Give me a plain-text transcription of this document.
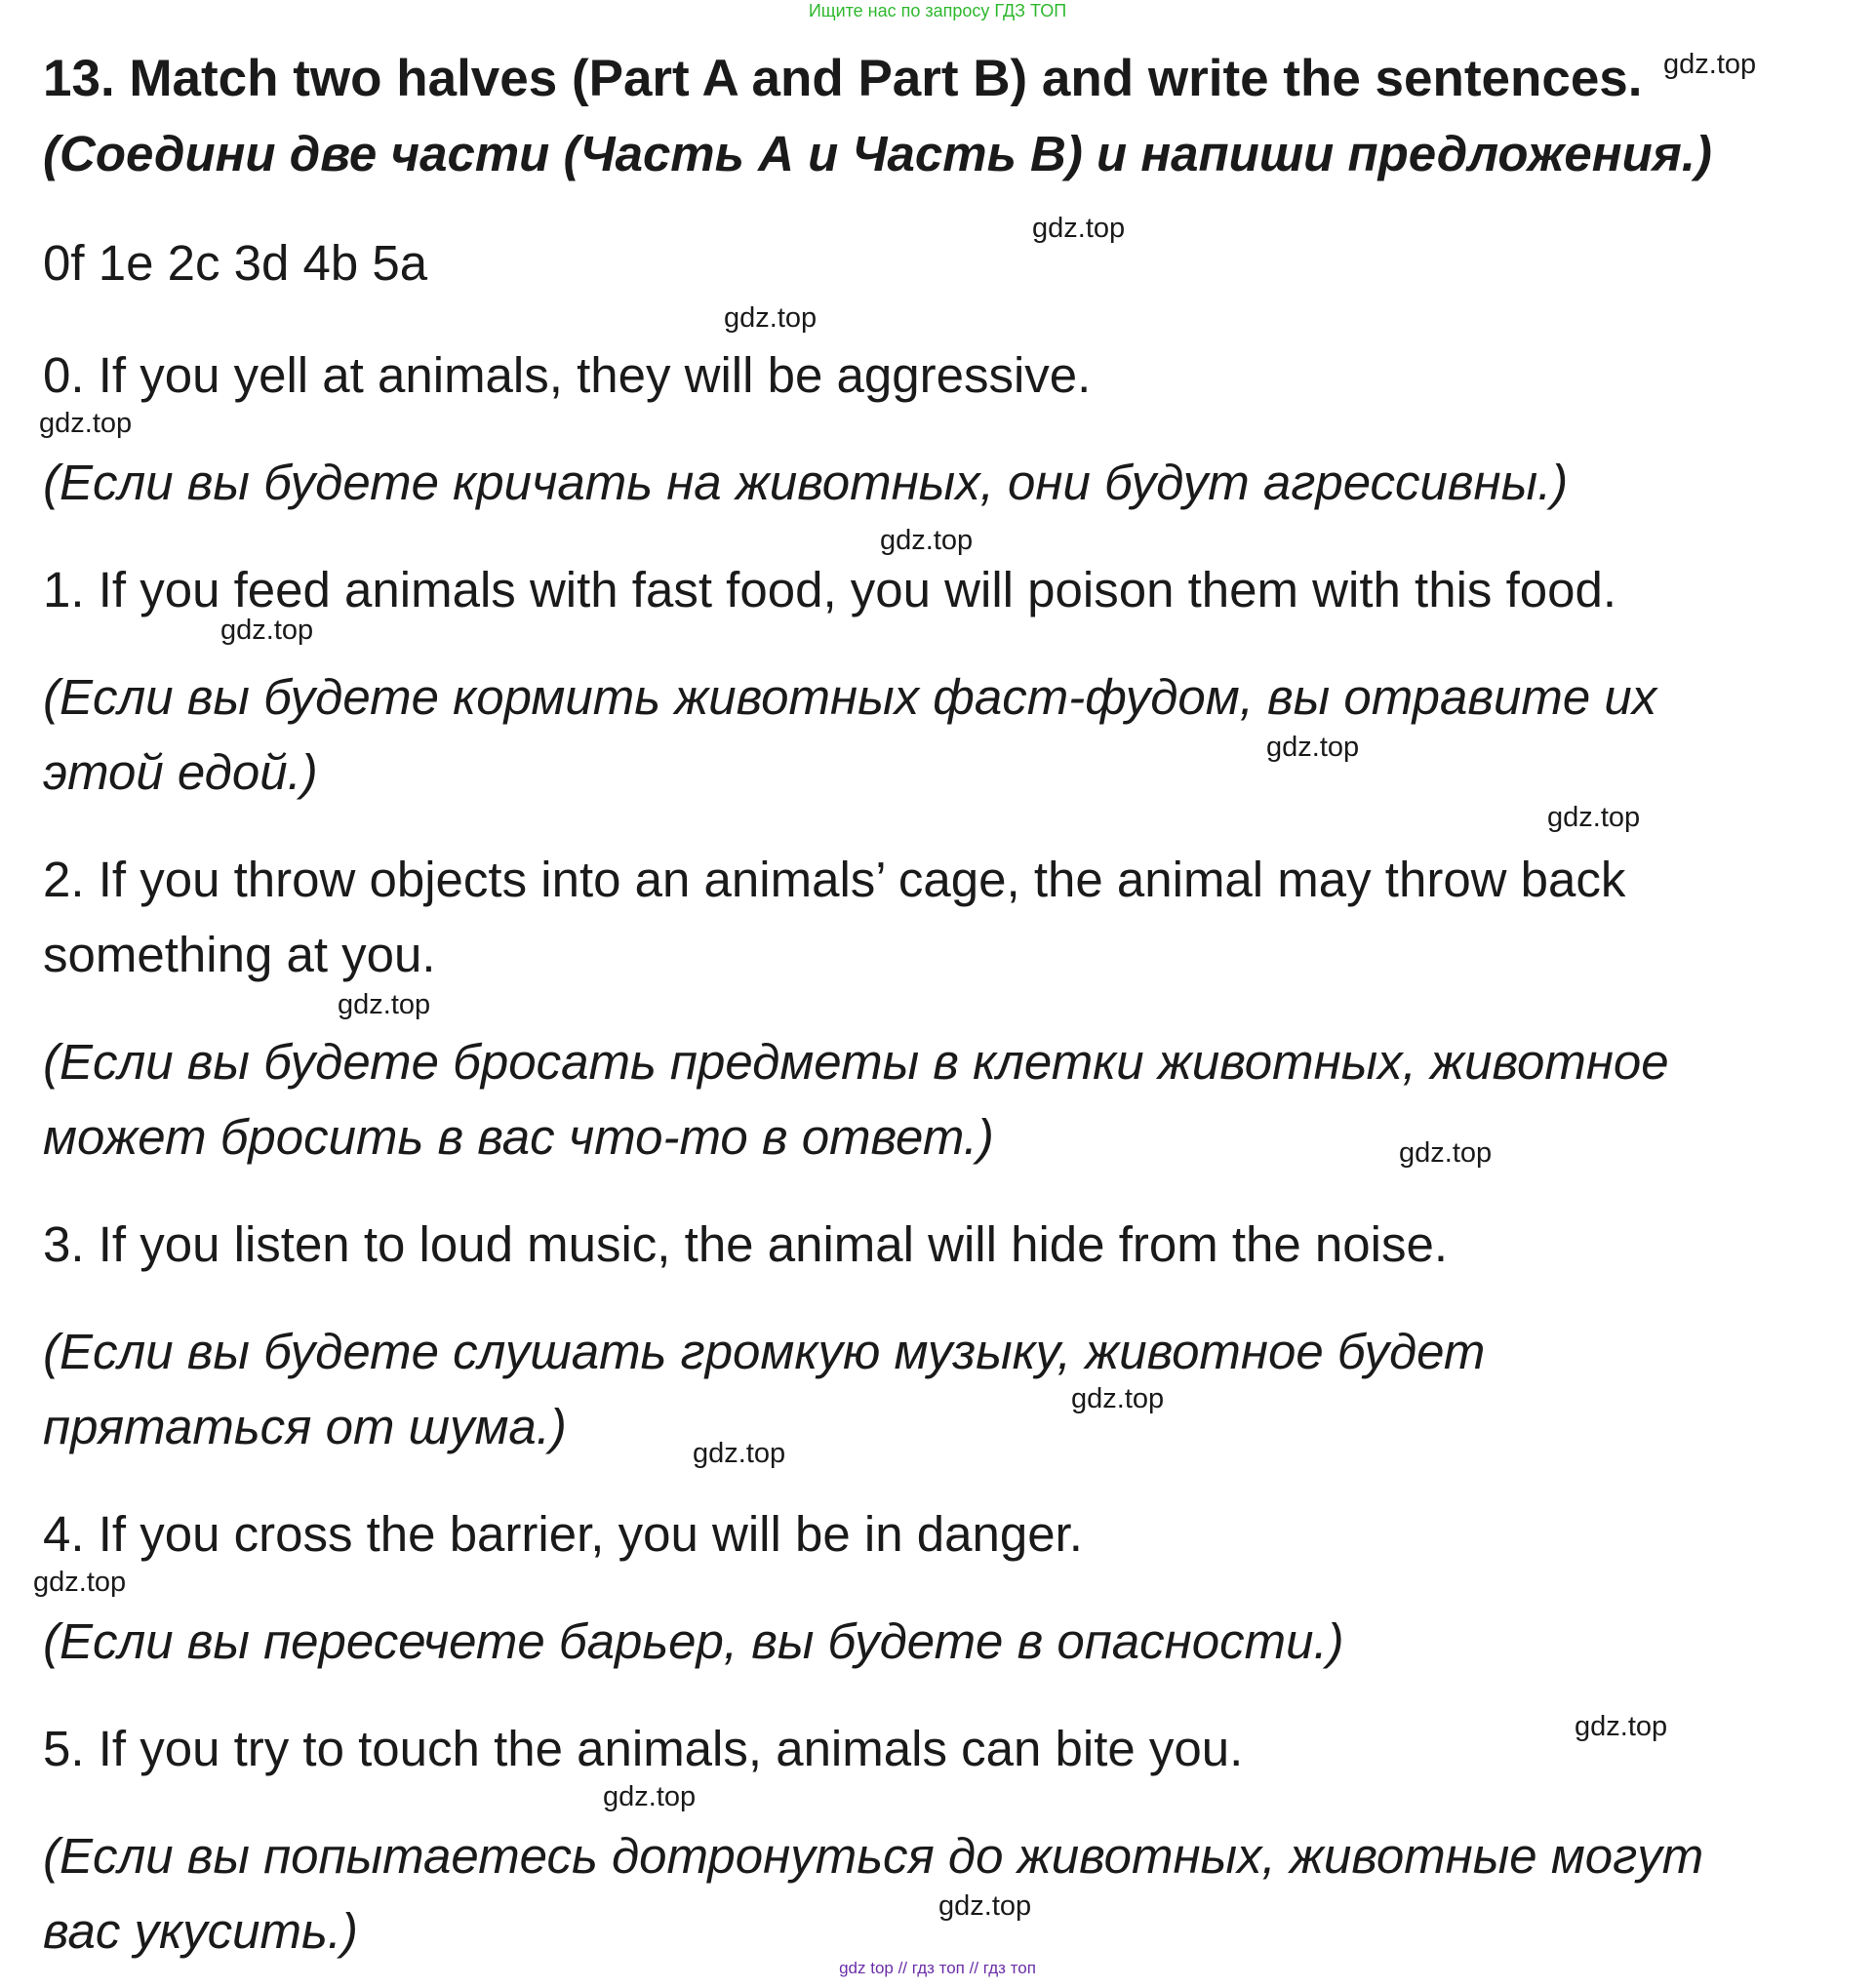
Ищите нас по запросу ГДЗ ТОП
13. Match two halves (Part A and Part B) and write the sentences.
(Соедини две части (Часть А и Часть В) и напиши предложения.)
0f 1e 2c 3d 4b 5a
0. If you yell at animals, they will be aggressive.
(Если вы будете кричать на животных, они будут агрессивны.)
1. If you feed animals with fast food, you will poison them with this food.
(Если вы будете кормить животных фаст-фудом, вы отравите их
этой едой.)
2. If you throw objects into an animals’ cage, the animal may throw back
something at you.
(Если вы будете бросать предметы в клетки животных, животное
может бросить в вас что-то в ответ.)
3. If you listen to loud music, the animal will hide from the noise.
(Если вы будете слушать громкую музыку, животное будет
прятаться от шума.)
4. If you cross the barrier, you will be in danger.
(Если вы пересечете барьер, вы будете в опасности.)
5. If you try to touch the animals, animals can bite you.
(Если вы попытаетесь дотронуться до животных, животные могут
вас укусить.)
gdz.top
gdz.top
gdz.top
gdz.top
gdz.top
gdz.top
gdz.top
gdz.top
gdz.top
gdz.top
gdz.top
gdz.top
gdz.top
gdz.top
gdz.top
gdz.top
gdz top // гдз топ // гдз топ
